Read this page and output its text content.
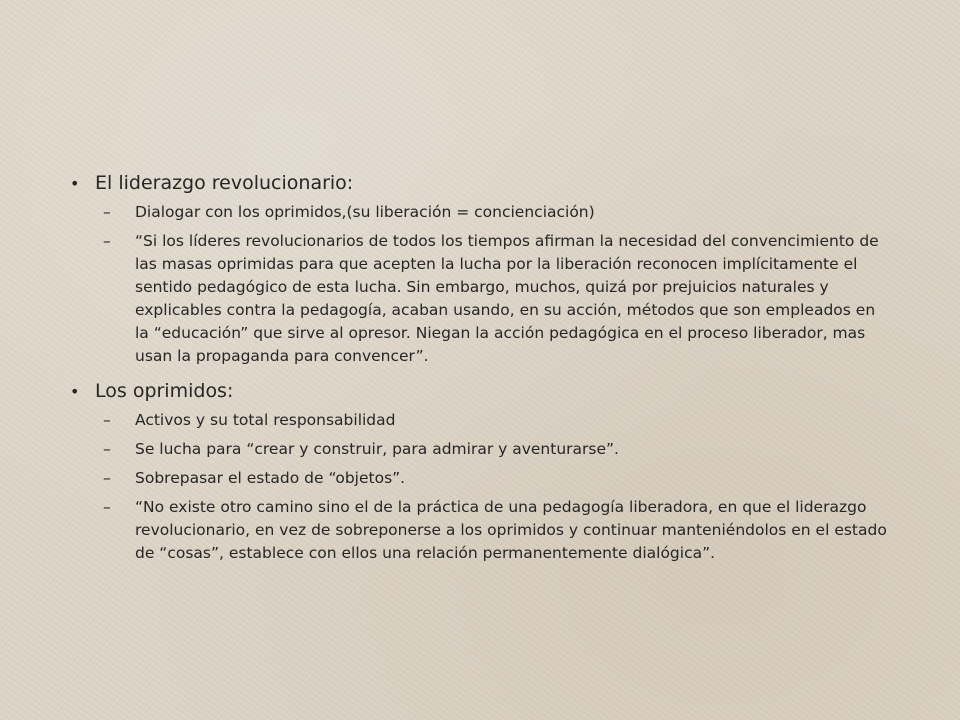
• El liderazgo revolucionario:
– Dialogar con los oprimidos,(su liberación = concienciación)
– “Si los líderes revolucionarios de todos los tiempos afirman la necesidad del convencimiento de las masas oprimidas para que acepten la lucha por la liberación reconocen implícitamente el sentido pedagógico de esta lucha. Sin embargo, muchos, quizá por prejuicios naturales y explicables contra la pedagogía, acaban usando, en su acción, métodos que son empleados en la “educación” que sirve al opresor. Niegan la acción pedagógica en el proceso liberador, mas usan la propaganda para convencer”.
• Los oprimidos:
– Activos y su total responsabilidad
– Se lucha para “crear y construir, para admirar y aventurarse”.
– Sobrepasar el estado de “objetos”.
– “No existe otro camino sino el de la práctica de una pedagogía liberadora, en que el liderazgo revolucionario, en vez de sobreponerse a los oprimidos y continuar manteniéndolos en el estado de “cosas”, establece con ellos una relación permanentemente dialógica”.
